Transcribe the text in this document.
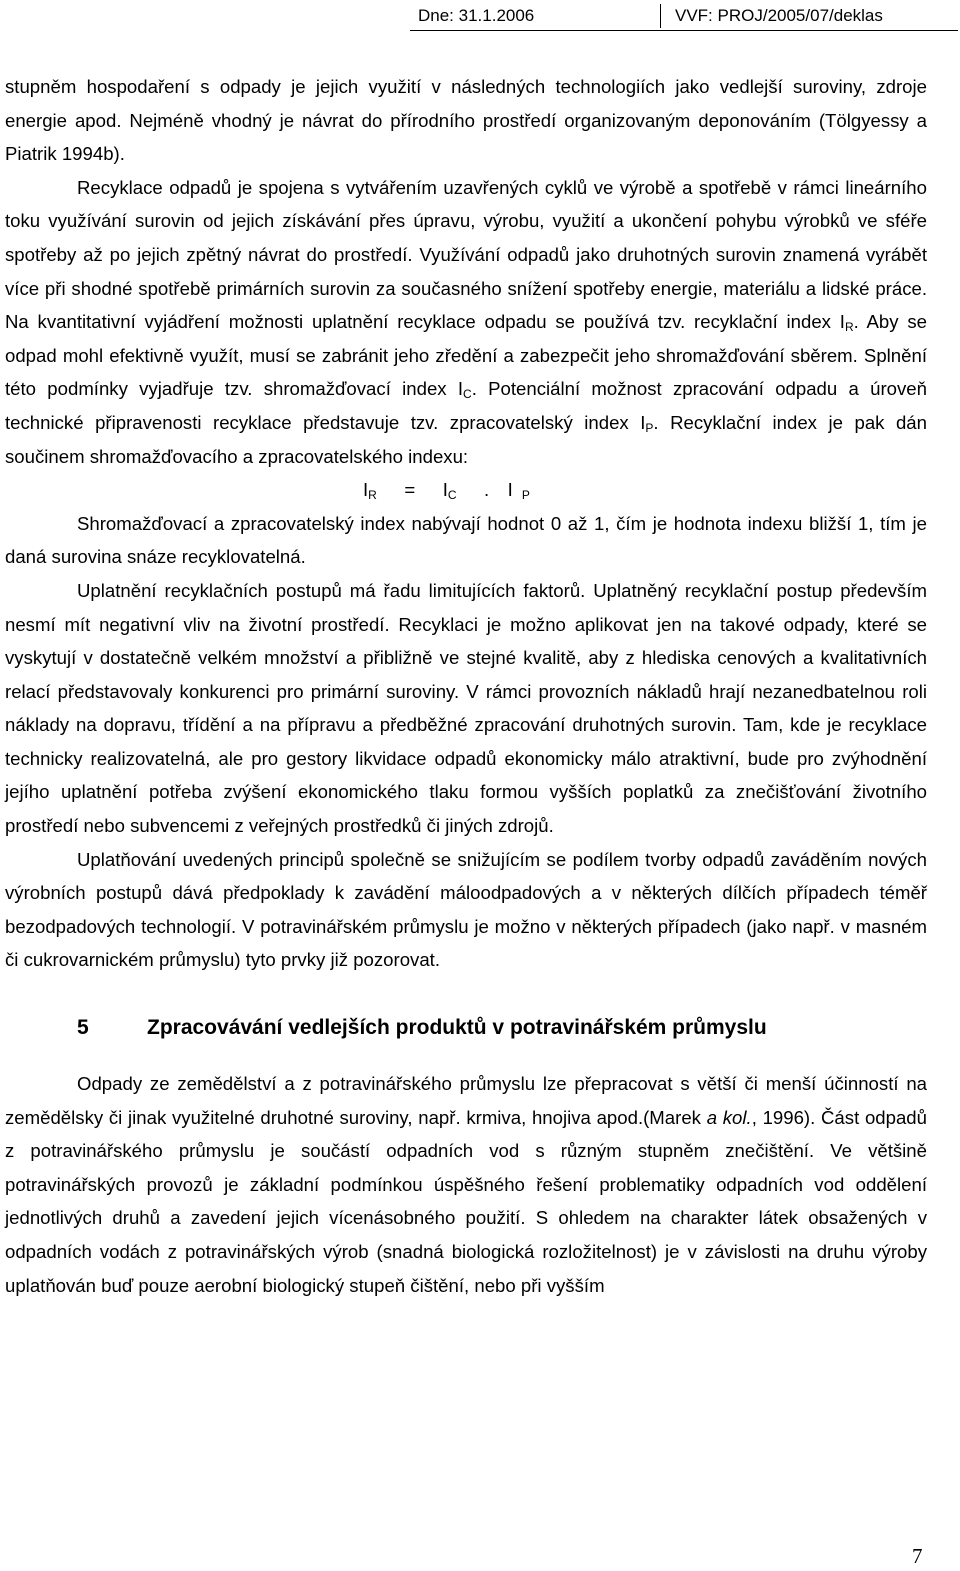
Dne: 31.1.2006	VVF: PROJ/2005/07/deklas

stupněm hospodaření s odpady je jejich využití v následných technologiích jako vedlejší suroviny, zdroje energie apod. Nejméně vhodný je návrat do přírodního prostředí organizovaným deponováním (Tölgyessy a Piatrik 1994b).

Recyklace odpadů je spojena s vytvářením uzavřených cyklů ve výrobě a spotřebě v rámci lineárního toku využívání surovin od jejich získávání přes úpravu, výrobu, využití a ukončení pohybu výrobků ve sféře spotřeby až po jejich zpětný návrat do prostředí. Využívání odpadů jako druhotných surovin znamená vyrábět více při shodné spotřebě primárních surovin za současného snížení spotřeby energie, materiálu a lidské práce. Na kvantitativní vyjádření možnosti uplatnění recyklace odpadu se používá tzv. recyklační index $I_R$. Aby se odpad mohl efektivně využít, musí se zabránit jeho zředění a zabezpečit jeho shromažďování sběrem. Splnění této podmínky vyjadřuje tzv. shromažďovací index $I_C$. Potenciální možnost zpracování odpadu a úroveň technické připravenosti recyklace představuje tzv. zpracovatelský index $I_P$. Recyklační index je pak dán součinem shromažďovacího a zpracovatelského indexu:

$I_R = I_C$ . I $_P$

Shromažďovací a zpracovatelský index nabývají hodnot 0 až 1, čím je hodnota indexu bližší 1, tím je daná surovina snáze recyklovatelná.

Uplatnění recyklačních postupů má řadu limitujících faktorů. Uplatněný recyklační postup především nesmí mít negativní vliv na životní prostředí. Recyklaci je možno aplikovat jen na takové odpady, které se vyskytují v dostatečně velkém množství a přibližně ve stejné kvalitě, aby z hlediska cenových a kvalitativních relací představovaly konkurenci pro primární suroviny. V rámci provozních nákladů hrají nezanedbatelnou roli náklady na dopravu, třídění a na přípravu a předběžné zpracování druhotných surovin. Tam, kde je recyklace technicky realizovatelná, ale pro gestory likvidace odpadů ekonomicky málo atraktivní, bude pro zvýhodnění jejího uplatnění potřeba zvýšení ekonomického tlaku formou vyšších poplatků za znečišťování životního prostředí nebo subvencemi z veřejných prostředků či jiných zdrojů.

Uplatňování uvedených principů společně se snižujícím se podílem tvorby odpadů zaváděním nových výrobních postupů dává předpoklady k zavádění máloodpadových a v některých dílčích případech téměř bezodpadových technologií. V potravinářském průmyslu je možno v některých případech (jako např. v masném či cukrovarnickém průmyslu) tyto prvky již pozorovat.

5	Zpracovávání vedlejších produktů v potravinářském průmyslu

Odpady ze zemědělství a z potravinářského průmyslu lze přepracovat s větší či menší účinností na zemědělsky či jinak využitelné druhotné suroviny, např. krmiva, hnojiva apod.(Marek a kol., 1996). Část odpadů z potravinářského průmyslu je součástí odpadních vod s různým stupněm znečištění. Ve většině potravinářských provozů je základní podmínkou úspěšného řešení problematiky odpadních vod oddělení jednotlivých druhů a zavedení jejich vícenásobného použití. S ohledem na charakter látek obsažených v odpadních vodách z potravinářských výrob (snadná biologická rozložitelnost) je v závislosti na druhu výroby uplatňován buď pouze aerobní biologický stupeň čištění, nebo při vyšším

7
